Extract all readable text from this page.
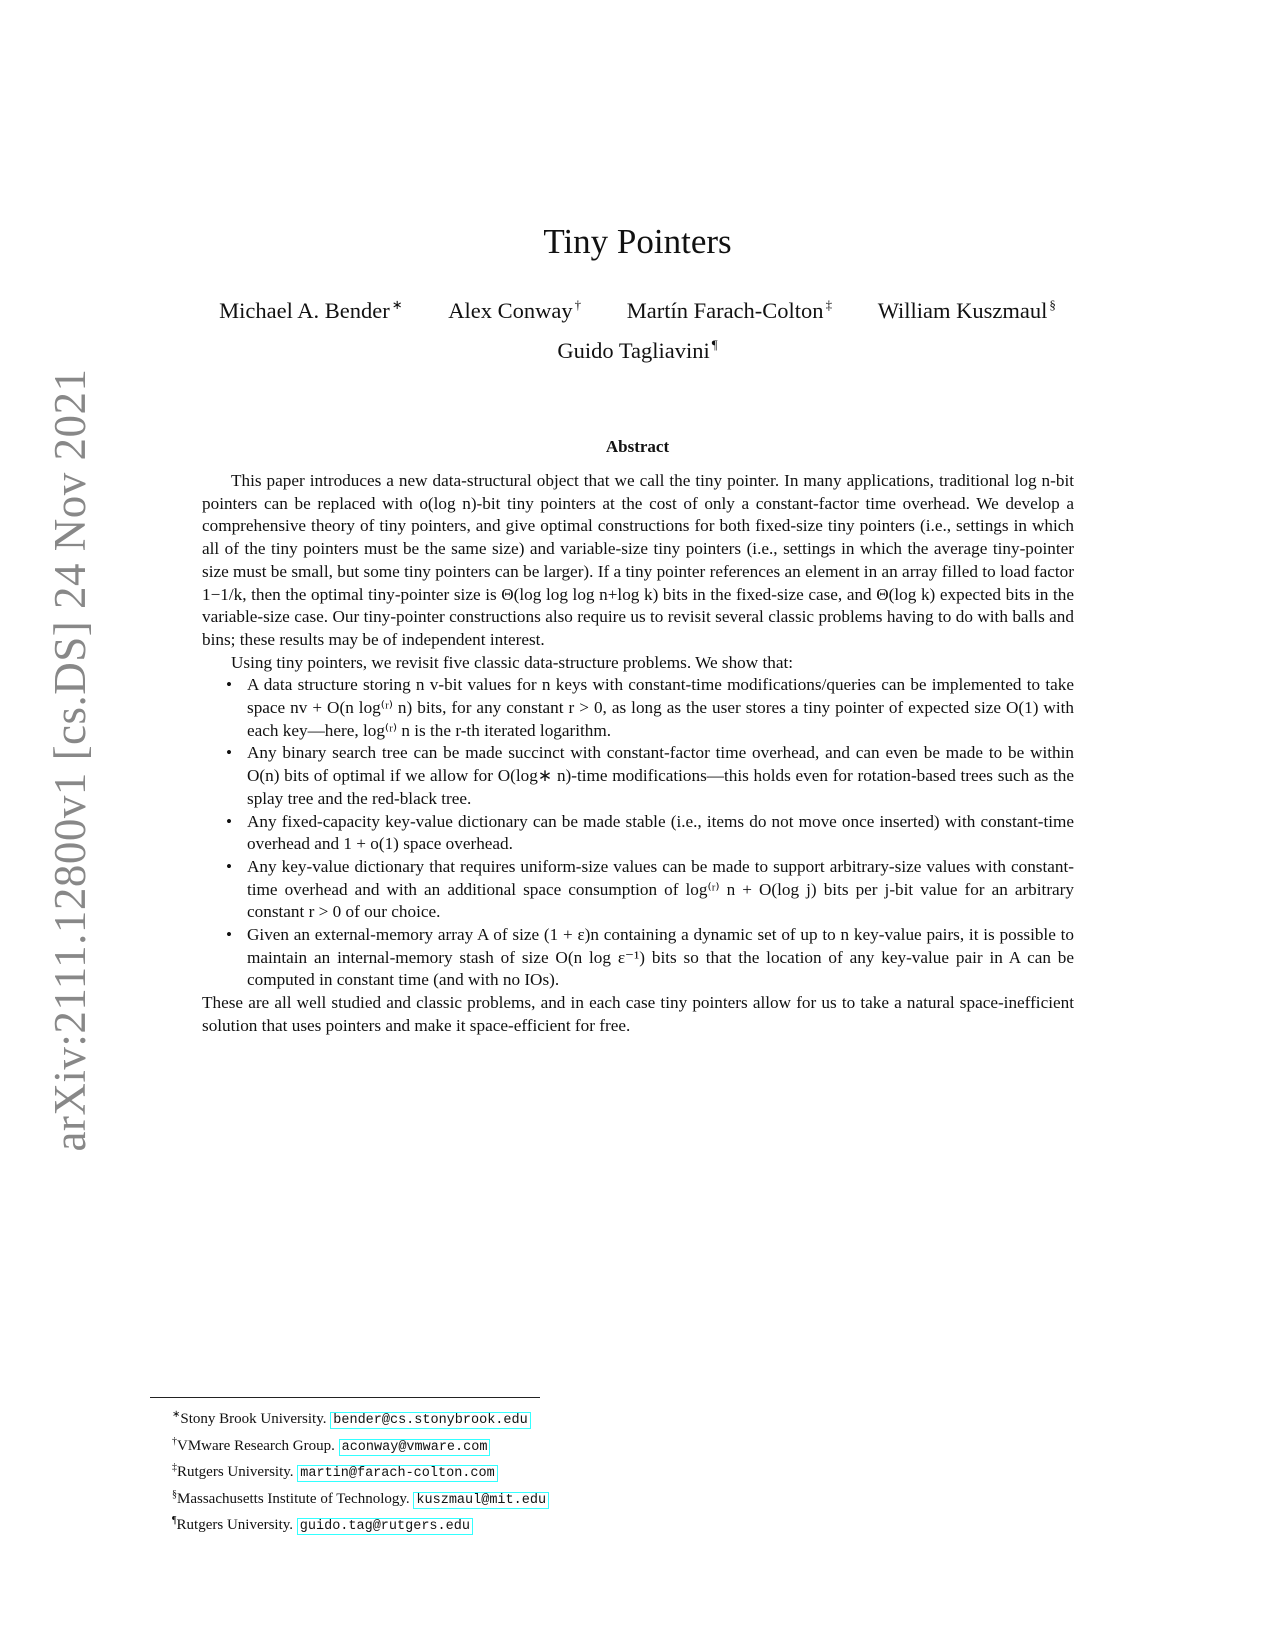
arXiv:2111.12800v1 [cs.DS] 24 Nov 2021
Tiny Pointers
Michael A. Bender ∗ Alex Conway † Martín Farach-Colton ‡ William Kuszmaul §
Guido Tagliavini ¶
Abstract

This paper introduces a new data-structural object that we call the tiny pointer. In many applications, traditional log n-bit pointers can be replaced with o(log n)-bit tiny pointers at the cost of only a constant-factor time overhead. We develop a comprehensive theory of tiny pointers, and give optimal constructions for both fixed-size tiny pointers (i.e., settings in which all of the tiny pointers must be the same size) and variable-size tiny pointers (i.e., settings in which the average tiny-pointer size must be small, but some tiny pointers can be larger). If a tiny pointer references an element in an array filled to load factor 1−1/k, then the optimal tiny-pointer size is Θ(log log log n+log k) bits in the fixed-size case, and Θ(log k) expected bits in the variable-size case. Our tiny-pointer constructions also require us to revisit several classic problems having to do with balls and bins; these results may be of independent interest.

Using tiny pointers, we revisit five classic data-structure problems. We show that:

• A data structure storing n v-bit values for n keys with constant-time modifications/queries can be implemented to take space nv + O(n log⁽ʳ⁾ n) bits, for any constant r > 0, as long as the user stores a tiny pointer of expected size O(1) with each key—here, log⁽ʳ⁾ n is the r-th iterated logarithm.
• Any binary search tree can be made succinct with constant-factor time overhead, and can even be made to be within O(n) bits of optimal if we allow for O(log∗ n)-time modifications—this holds even for rotation-based trees such as the splay tree and the red-black tree.
• Any fixed-capacity key-value dictionary can be made stable (i.e., items do not move once inserted) with constant-time overhead and 1 + o(1) space overhead.
• Any key-value dictionary that requires uniform-size values can be made to support arbitrary-size values with constant-time overhead and with an additional space consumption of log⁽ʳ⁾ n + O(log j) bits per j-bit value for an arbitrary constant r > 0 of our choice.
• Given an external-memory array A of size (1 + ε)n containing a dynamic set of up to n key-value pairs, it is possible to maintain an internal-memory stash of size O(n log ε⁻¹) bits so that the location of any key-value pair in A can be computed in constant time (and with no IOs).

These are all well studied and classic problems, and in each case tiny pointers allow for us to take a natural space-inefficient solution that uses pointers and make it space-efficient for free.

∗Stony Brook University. bender@cs.stonybrook.edu
†VMware Research Group. aconway@vmware.com
‡Rutgers University. martin@farach-colton.com
§Massachusetts Institute of Technology. kuszmaul@mit.edu
¶Rutgers University. guido.tag@rutgers.edu
